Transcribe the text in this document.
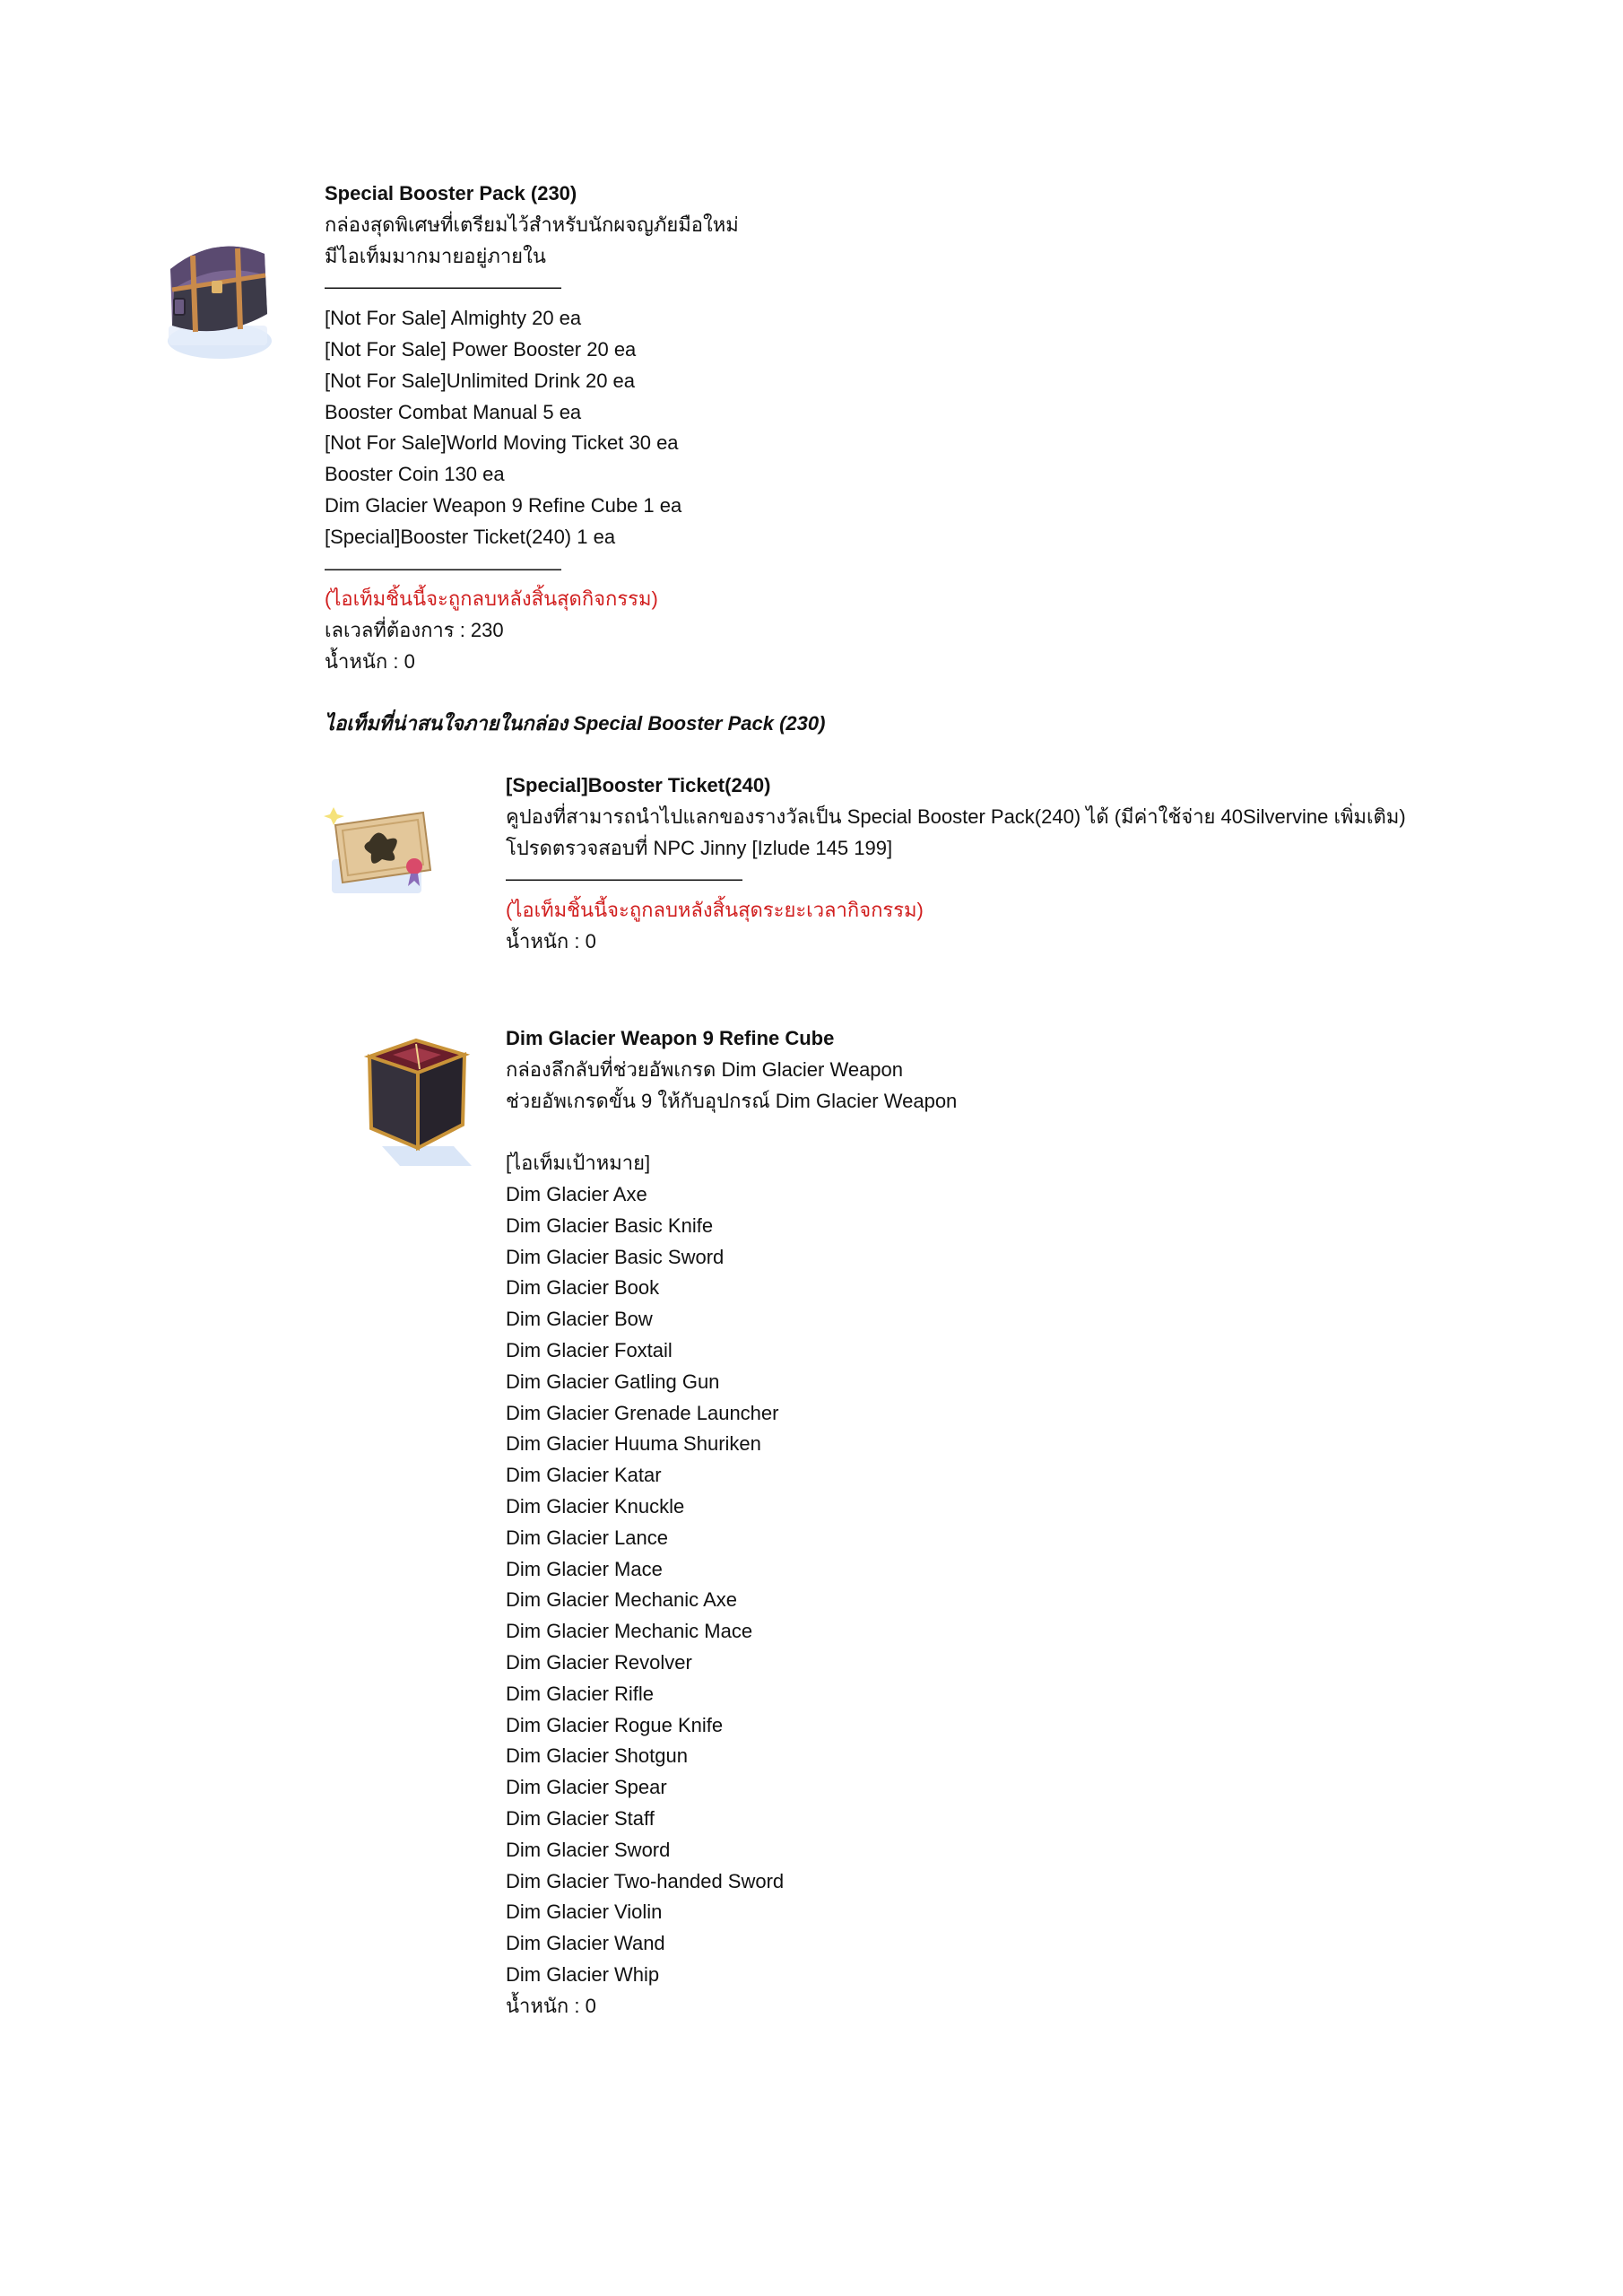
Special Booster Pack (230)

กล่องสุดพิเศษที่เตรียมไว้สำหรับนักผจญภัยมือใหม่

มีไอเท็มมากมายอยู่ภายใน

————————————

[Not For Sale] Almighty 20 ea

[Not For Sale] Power Booster 20 ea

[Not For Sale]Unlimited Drink 20 ea

Booster Combat Manual 5 ea

[Not For Sale]World Moving Ticket 30 ea

Booster Coin 130 ea

Dim Glacier Weapon 9 Refine Cube 1 ea

[Special]Booster Ticket(240) 1 ea

————————————

(ไอเท็มชิ้นนี้จะถูกลบหลังสิ้นสุดกิจกรรม)

เลเวลที่ต้องการ : 230

น้ำหนัก : 0

ไอเท็มที่น่าสนใจภายในกล่อง Special Booster Pack (230)

[Special]Booster Ticket(240)

คูปองที่สามารถนำไปแลกของรางวัลเป็น Special Booster Pack(240) ได้ (มีค่าใช้จ่าย 40Silvervine เพิ่มเติม)

โปรดตรวจสอบที่ NPC Jinny [Izlude 145 199]

————————————

(ไอเท็มชิ้นนี้จะถูกลบหลังสิ้นสุดระยะเวลากิจกรรม)

น้ำหนัก : 0

Dim Glacier Weapon 9 Refine Cube

กล่องลึกลับที่ช่วยอัพเกรด Dim Glacier Weapon

ช่วยอัพเกรดขั้น 9 ให้กับอุปกรณ์ Dim Glacier Weapon

[ไอเท็มเป้าหมาย]

Dim Glacier Axe

Dim Glacier Basic Knife

Dim Glacier Basic Sword

Dim Glacier Book

Dim Glacier Bow

Dim Glacier Foxtail

Dim Glacier Gatling Gun

Dim Glacier Grenade Launcher

Dim Glacier Huuma Shuriken

Dim Glacier Katar

Dim Glacier Knuckle

Dim Glacier Lance

Dim Glacier Mace

Dim Glacier Mechanic Axe

Dim Glacier Mechanic Mace

Dim Glacier Revolver

Dim Glacier Rifle

Dim Glacier Rogue Knife

Dim Glacier Shotgun

Dim Glacier Spear

Dim Glacier Staff

Dim Glacier Sword

Dim Glacier Two-handed Sword

Dim Glacier Violin

Dim Glacier Wand

Dim Glacier Whip

น้ำหนัก : 0
